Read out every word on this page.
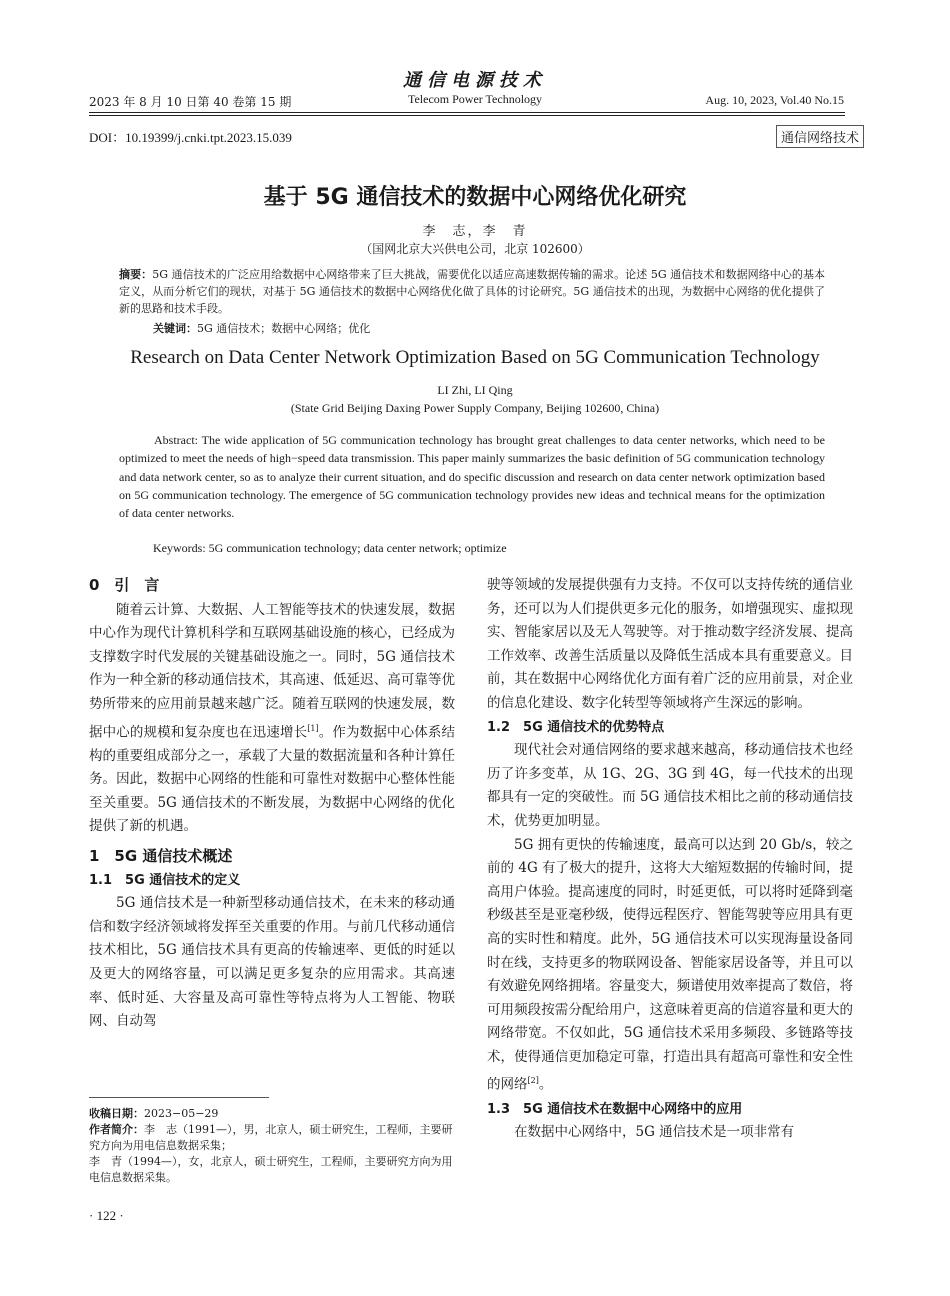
2023 年 8 月 10 日第 40 卷第 15 期
通信电源技术
Telecom Power Technology	Aug. 10, 2023, Vol.40 No.15
DOI：10.19399/j.cnki.tpt.2023.15.039	通信网络技术
基于 5G 通信技术的数据中心网络优化研究
李　志，李　青
（国网北京大兴供电公司，北京 102600）
摘要：5G 通信技术的广泛应用给数据中心网络带来了巨大挑战，需要优化以适应高速数据传输的需求。论述 5G 通信技术和数据网络中心的基本定义，从而分析它们的现状，对基于 5G 通信技术的数据中心网络优化做了具体的讨论研究。5G 通信技术的出现，为数据中心网络的优化提供了新的思路和技术手段。
关键词：5G 通信技术；数据中心网络；优化
Research on Data Center Network Optimization Based on 5G Communication Technology
LI Zhi, LI Qing
(State Grid Beijing Daxing Power Supply Company, Beijing 102600, China)
Abstract: The wide application of 5G communication technology has brought great challenges to data center networks, which need to be optimized to meet the needs of high−speed data transmission. This paper mainly summarizes the basic definition of 5G communication technology and data network center, so as to analyze their current situation, and do specific discussion and research on data center network optimization based on 5G communication technology. The emergence of 5G communication technology provides new ideas and technical means for the optimization of data center networks.
Keywords: 5G communication technology; data center network; optimize
0　引　言

随着云计算、大数据、人工智能等技术的快速发展，数据中心作为现代计算机科学和互联网基础设施的核心，已经成为支撑数字时代发展的关键基础设施之一。同时，5G 通信技术作为一种全新的移动通信技术，其高速、低延迟、高可靠等优势所带来的应用前景越来越广泛。随着互联网的快速发展，数据中心的规模和复杂度也在迅速增长[1]。作为数据中心体系结构的重要组成部分之一，承载了大量的数据流量和各种计算任务。因此，数据中心网络的性能和可靠性对数据中心整体性能至关重要。5G 通信技术的不断发展，为数据中心网络的优化提供了新的机遇。

1　5G 通信技术概述
1.1　5G 通信技术的定义

5G 通信技术是一种新型移动通信技术，在未来的移动通信和数字经济领域将发挥至关重要的作用。与前几代移动通信技术相比，5G 通信技术具有更高的传输速率、更低的时延以及更大的网络容量，可以满足更多复杂的应用需求。其高速率、低时延、大容量及高可靠性等特点将为人工智能、物联网、自动驾

驶等领域的发展提供强有力支持。不仅可以支持传统的通信业务，还可以为人们提供更多元化的服务，如增强现实、虚拟现实、智能家居以及无人驾驶等。对于推动数字经济发展、提高工作效率、改善生活质量以及降低生活成本具有重要意义。目前，其在数据中心网络优化方面有着广泛的应用前景，对企业的信息化建设、数字化转型等领域将产生深远的影响。

1.2　5G 通信技术的优势特点

现代社会对通信网络的要求越来越高，移动通信技术也经历了许多变革，从 1G、2G、3G 到 4G，每一代技术的出现都具有一定的突破性。而 5G 通信技术相比之前的移动通信技术，优势更加明显。

5G 拥有更快的传输速度，最高可以达到 20 Gb/s，较之前的 4G 有了极大的提升，这将大大缩短数据的传输时间，提高用户体验。提高速度的同时，时延更低，可以将时延降到毫秒级甚至是亚毫秒级，使得远程医疗、智能驾驶等应用具有更高的实时性和精度。此外，5G 通信技术可以实现海量设备同时在线，支持更多的物联网设备、智能家居设备等，并且可以有效避免网络拥堵。容量变大，频谱使用效率提高了数倍，将可用频段按需分配给用户，这意味着更高的信道容量和更大的网络带宽。不仅如此，5G 通信技术采用多频段、多链路等技术，使得通信更加稳定可靠，打造出具有超高可靠性和安全性的网络[2]。

1.3　5G 通信技术在数据中心网络中的应用

在数据中心网络中，5G 通信技术是一项非常有

收稿日期：2023−05−29
作者简介：李　志（1991—），男，北京人，硕士研究生，工程师，主要研究方向为用电信息数据采集；
李　青（1994—），女，北京人，硕士研究生，工程师，主要研究方向为用电信息数据采集。
· 122 ·
